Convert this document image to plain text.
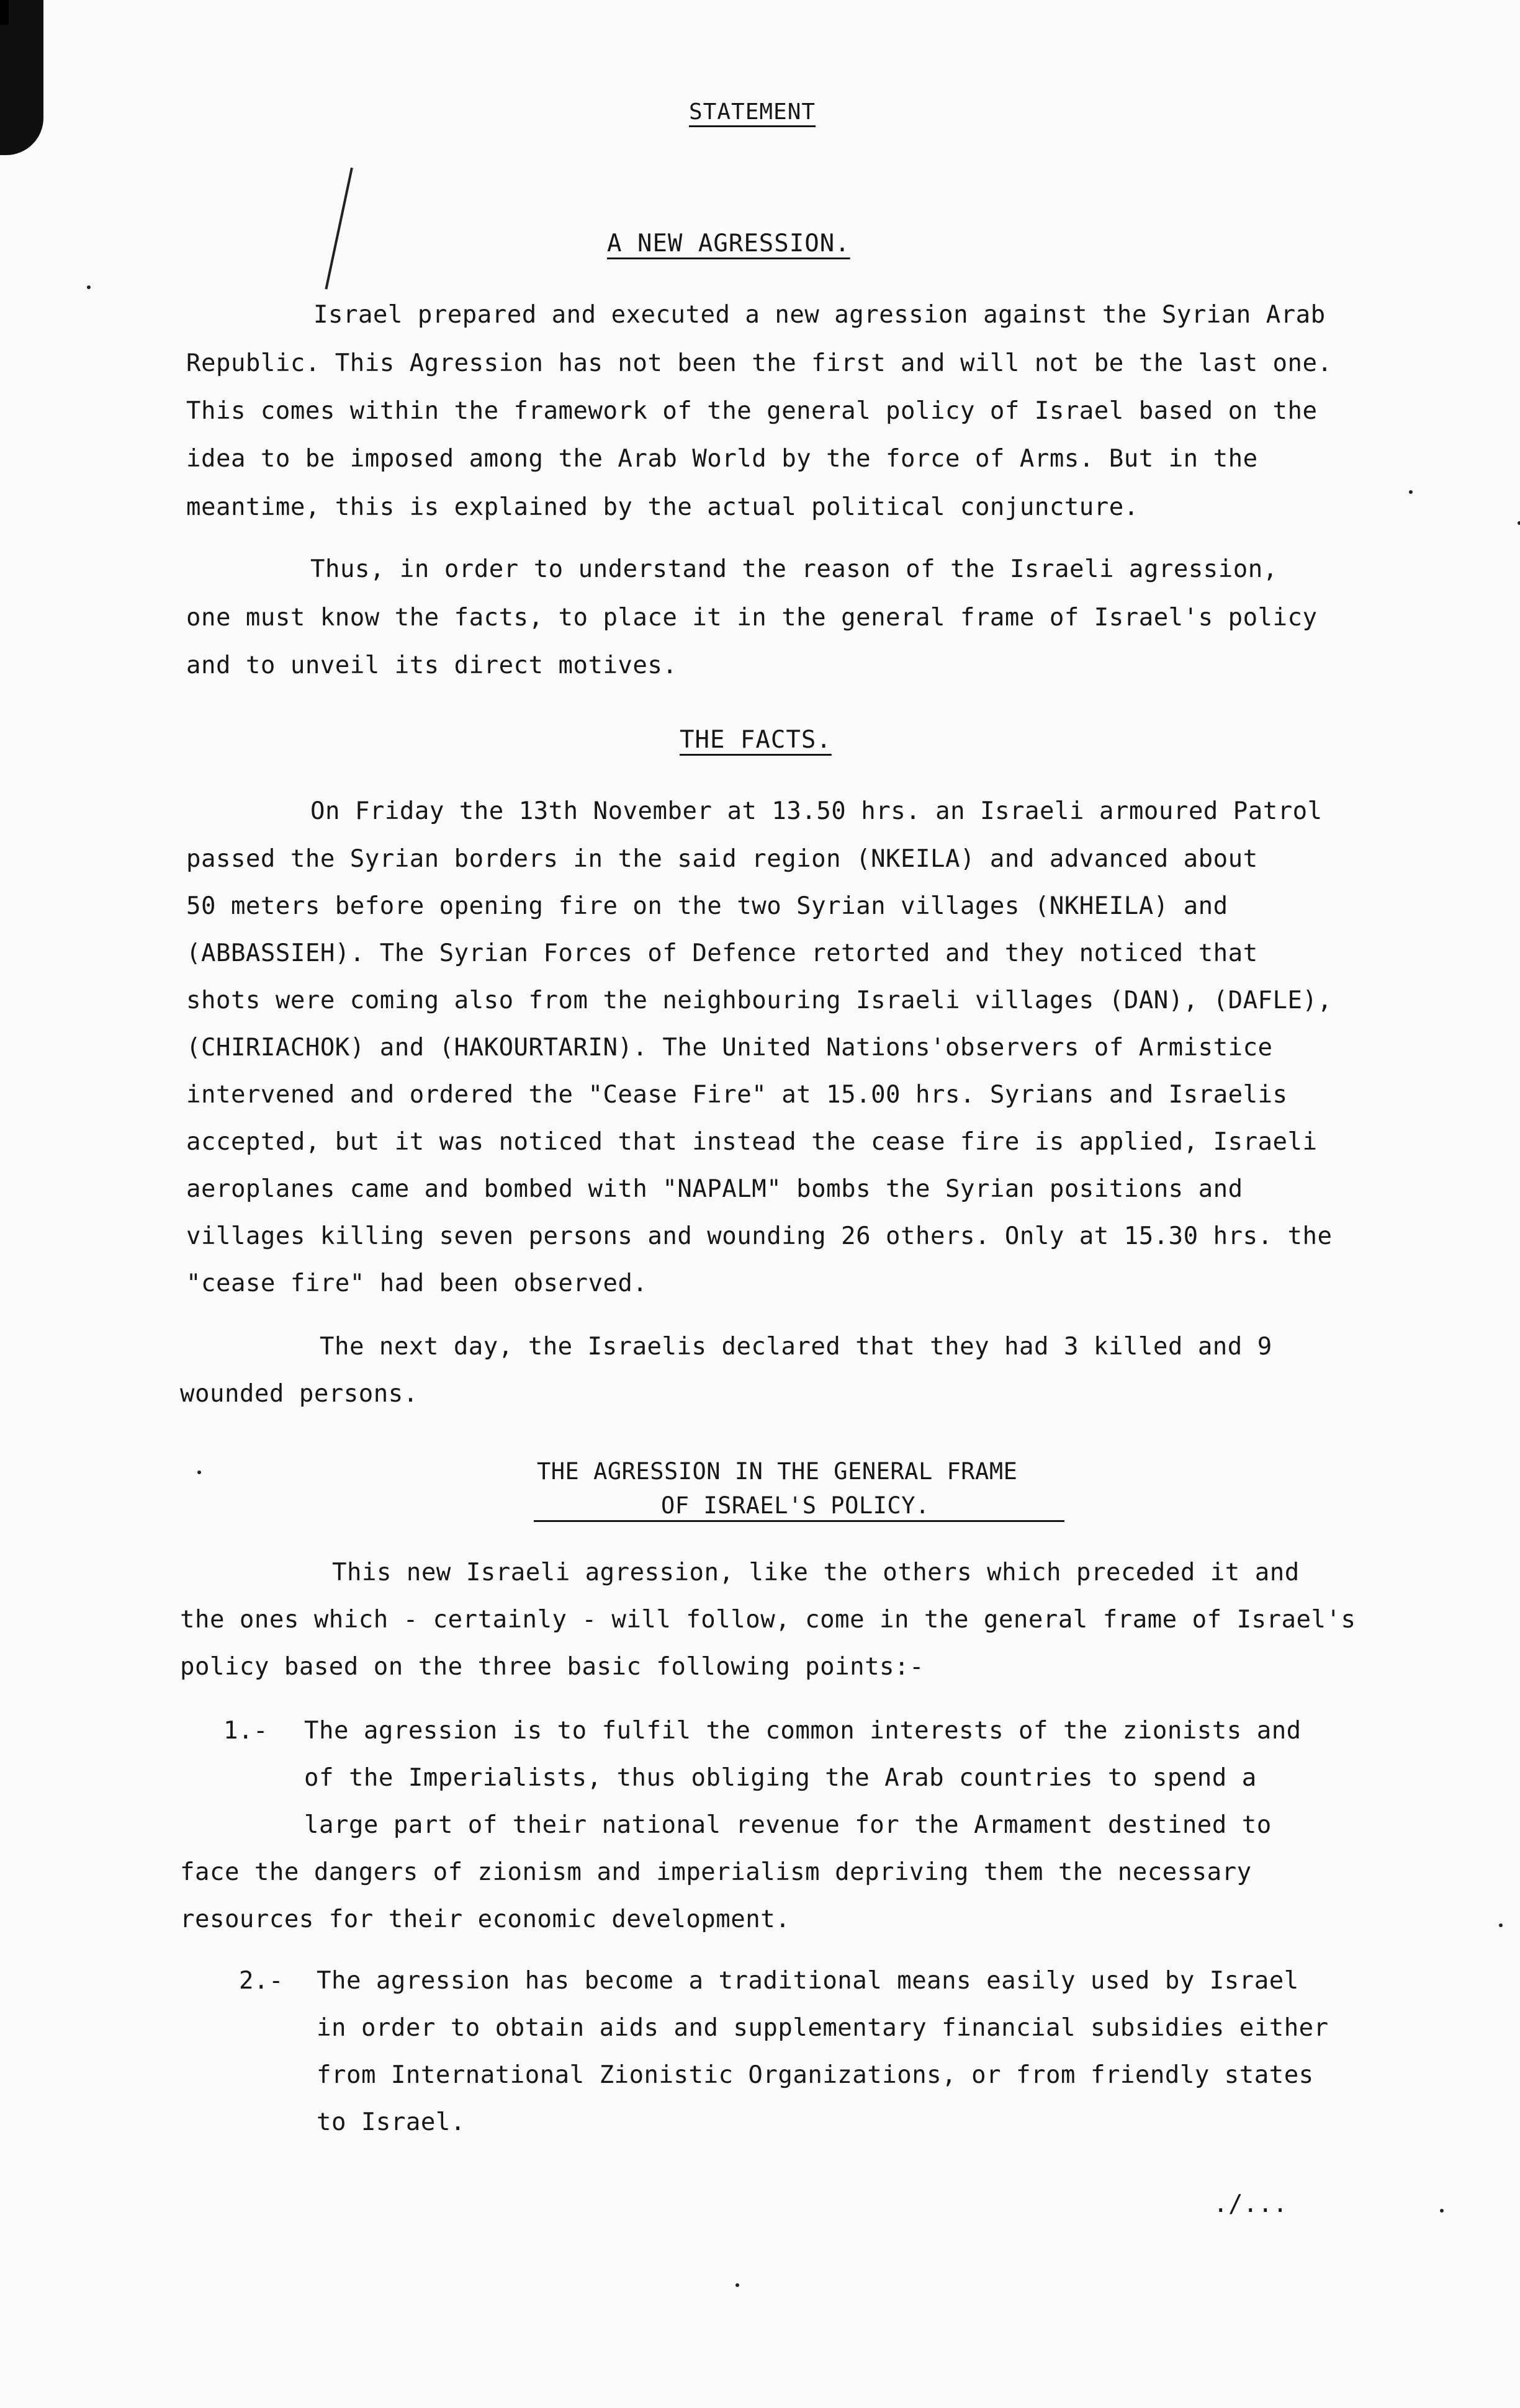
STATEMENT
A NEW AGRESSION.
Israel prepared and executed a new agression against the Syrian Arab
Republic. This Agression has not been the first and will not be the last one.
This comes within the framework of the general policy of Israel based on the
idea to be imposed among the Arab World by the force of Arms. But in the
meantime, this is explained by the actual political conjuncture.
Thus, in order to understand the reason of the Israeli agression,
one must know the facts, to place it in the general frame of Israel's policy
and to unveil its direct motives.
THE FACTS.
On Friday the 13th November at 13.50 hrs. an Israeli armoured Patrol
passed the Syrian borders in the said region (NKEILA) and advanced about
50 meters before opening fire on the two Syrian villages (NKHEILA) and
(ABBASSIEH). The Syrian Forces of Defence retorted and they noticed that
shots were coming also from the neighbouring Israeli villages (DAN), (DAFLE),
(CHIRIACHOK) and (HAKOURTARIN). The United Nations'observers of Armistice
intervened and ordered the "Cease Fire" at 15.00 hrs. Syrians and Israelis
accepted, but it was noticed that instead the cease fire is applied, Israeli
aeroplanes came and bombed with "NAPALM" bombs the Syrian positions and
villages killing seven persons and wounding 26 others. Only at 15.30 hrs. the
"cease fire" had been observed.
The next day, the Israelis declared that they had 3 killed and 9
wounded persons.
THE AGRESSION IN THE GENERAL FRAME
OF ISRAEL'S POLICY.
This new Israeli agression, like the others which preceded it and
the ones which - certainly - will follow, come in the general frame of Israel's
policy based on the three basic following points:-
1.- The agression is to fulfil the common interests of the zionists and
of the Imperialists, thus obliging the Arab countries to spend a
large part of their national revenue for the Armament destined to
face the dangers of zionism and imperialism depriving them the necessary
resources for their economic development.
2.- The agression has become a traditional means easily used by Israel
in order to obtain aids and supplementary financial subsidies either
from International Zionistic Organizations, or from friendly states
to Israel.
./...
